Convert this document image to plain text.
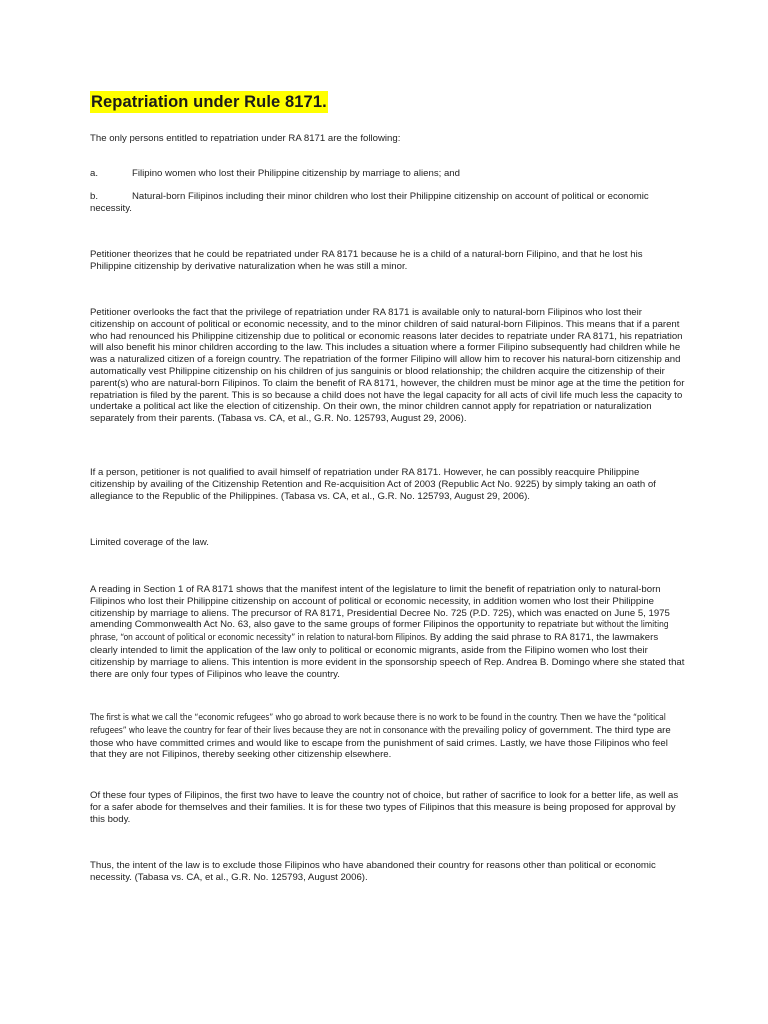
Repatriation under Rule 8171.

The only persons entitled to repatriation under RA 8171 are the following:

a.	Filipino women who lost their Philippine citizenship by marriage to aliens; and

b.	Natural-born Filipinos including their minor children who lost their Philippine citizenship on account of political or economic necessity.

Petitioner theorizes that he could be repatriated under RA 8171 because he is a child of a natural-born Filipino, and that he lost his Philippine citizenship by derivative naturalization when he was still a minor.

Petitioner overlooks the fact that the privilege of repatriation under RA 8171 is available only to natural-born Filipinos who lost their citizenship on account of political or economic necessity, and to the minor children of said natural-born Filipinos. This means that if a parent who had renounced his Philippine citizenship due to political or economic reasons later decides to repatriate under RA 8171, his repatriation will also benefit his minor children according to the law. This includes a situation where a former Filipino subsequently had children while he was a naturalized citizen of a foreign country. The repatriation of the former Filipino will allow him to recover his natural-born citizenship and automatically vest Philippine citizenship on his children of jus sanguinis or blood relationship; the children acquire the citizenship of their parent(s) who are natural-born Filipinos. To claim the benefit of RA 8171, however, the children must be minor age at the time the petition for repatriation is filed by the parent. This is so because a child does not have the legal capacity for all acts of civil life much less the capacity to undertake a political act like the election of citizenship. On their own, the minor children cannot apply for repatriation or naturalization separately from their parents. (Tabasa vs. CA, et al., G.R. No. 125793, August 29, 2006).

If a person, petitioner is not qualified to avail himself of repatriation under RA 8171. However, he can possibly reacquire Philippine citizenship by availing of the Citizenship Retention and Re-acquisition Act of 2003 (Republic Act No. 9225) by simply taking an oath of allegiance to the Republic of the Philippines. (Tabasa vs. CA, et al., G.R. No. 125793, August 29, 2006).

Limited coverage of the law.

A reading in Section 1 of RA 8171 shows that the manifest intent of the legislature to limit the benefit of repatriation only to natural-born Filipinos who lost their Philippine citizenship on account of political or economic necessity, in addition women who lost their Philippine citizenship by marriage to aliens. The precursor of RA 8171, Presidential Decree No. 725 (P.D. 725), which was enacted on June 5, 1975 amending Commonwealth Act No. 63, also gave to the same groups of former Filipinos the opportunity to repatriate but without the limiting phrase, “on account of political or economic necessity” in relation to natural-born Filipinos. By adding the said phrase to RA 8171, the lawmakers clearly intended to limit the application of the law only to political or economic migrants, aside from the Filipino women who lost their citizenship by marriage to aliens. This intention is more evident in the sponsorship speech of Rep. Andrea B. Domingo where she stated that there are only four types of Filipinos who leave the country.

The first is what we call the “economic refugees” who go abroad to work because there is no work to be found in the country. Then we have the “political refugees” who leave the country for fear of their lives because they are not in consonance with the prevailing policy of government. The third type are those who have committed crimes and would like to escape from the punishment of said crimes. Lastly, we have those Filipinos who feel that they are not Filipinos, thereby seeking other citizenship elsewhere.

Of these four types of Filipinos, the first two have to leave the country not of choice, but rather of sacrifice to look for a better life, as well as for a safer abode for themselves and their families. It is for these two types of Filipinos that this measure is being proposed for approval by this body.

Thus, the intent of the law is to exclude those Filipinos who have abandoned their country for reasons other than political or economic necessity. (Tabasa vs. CA, et al., G.R. No. 125793, August 2006).
